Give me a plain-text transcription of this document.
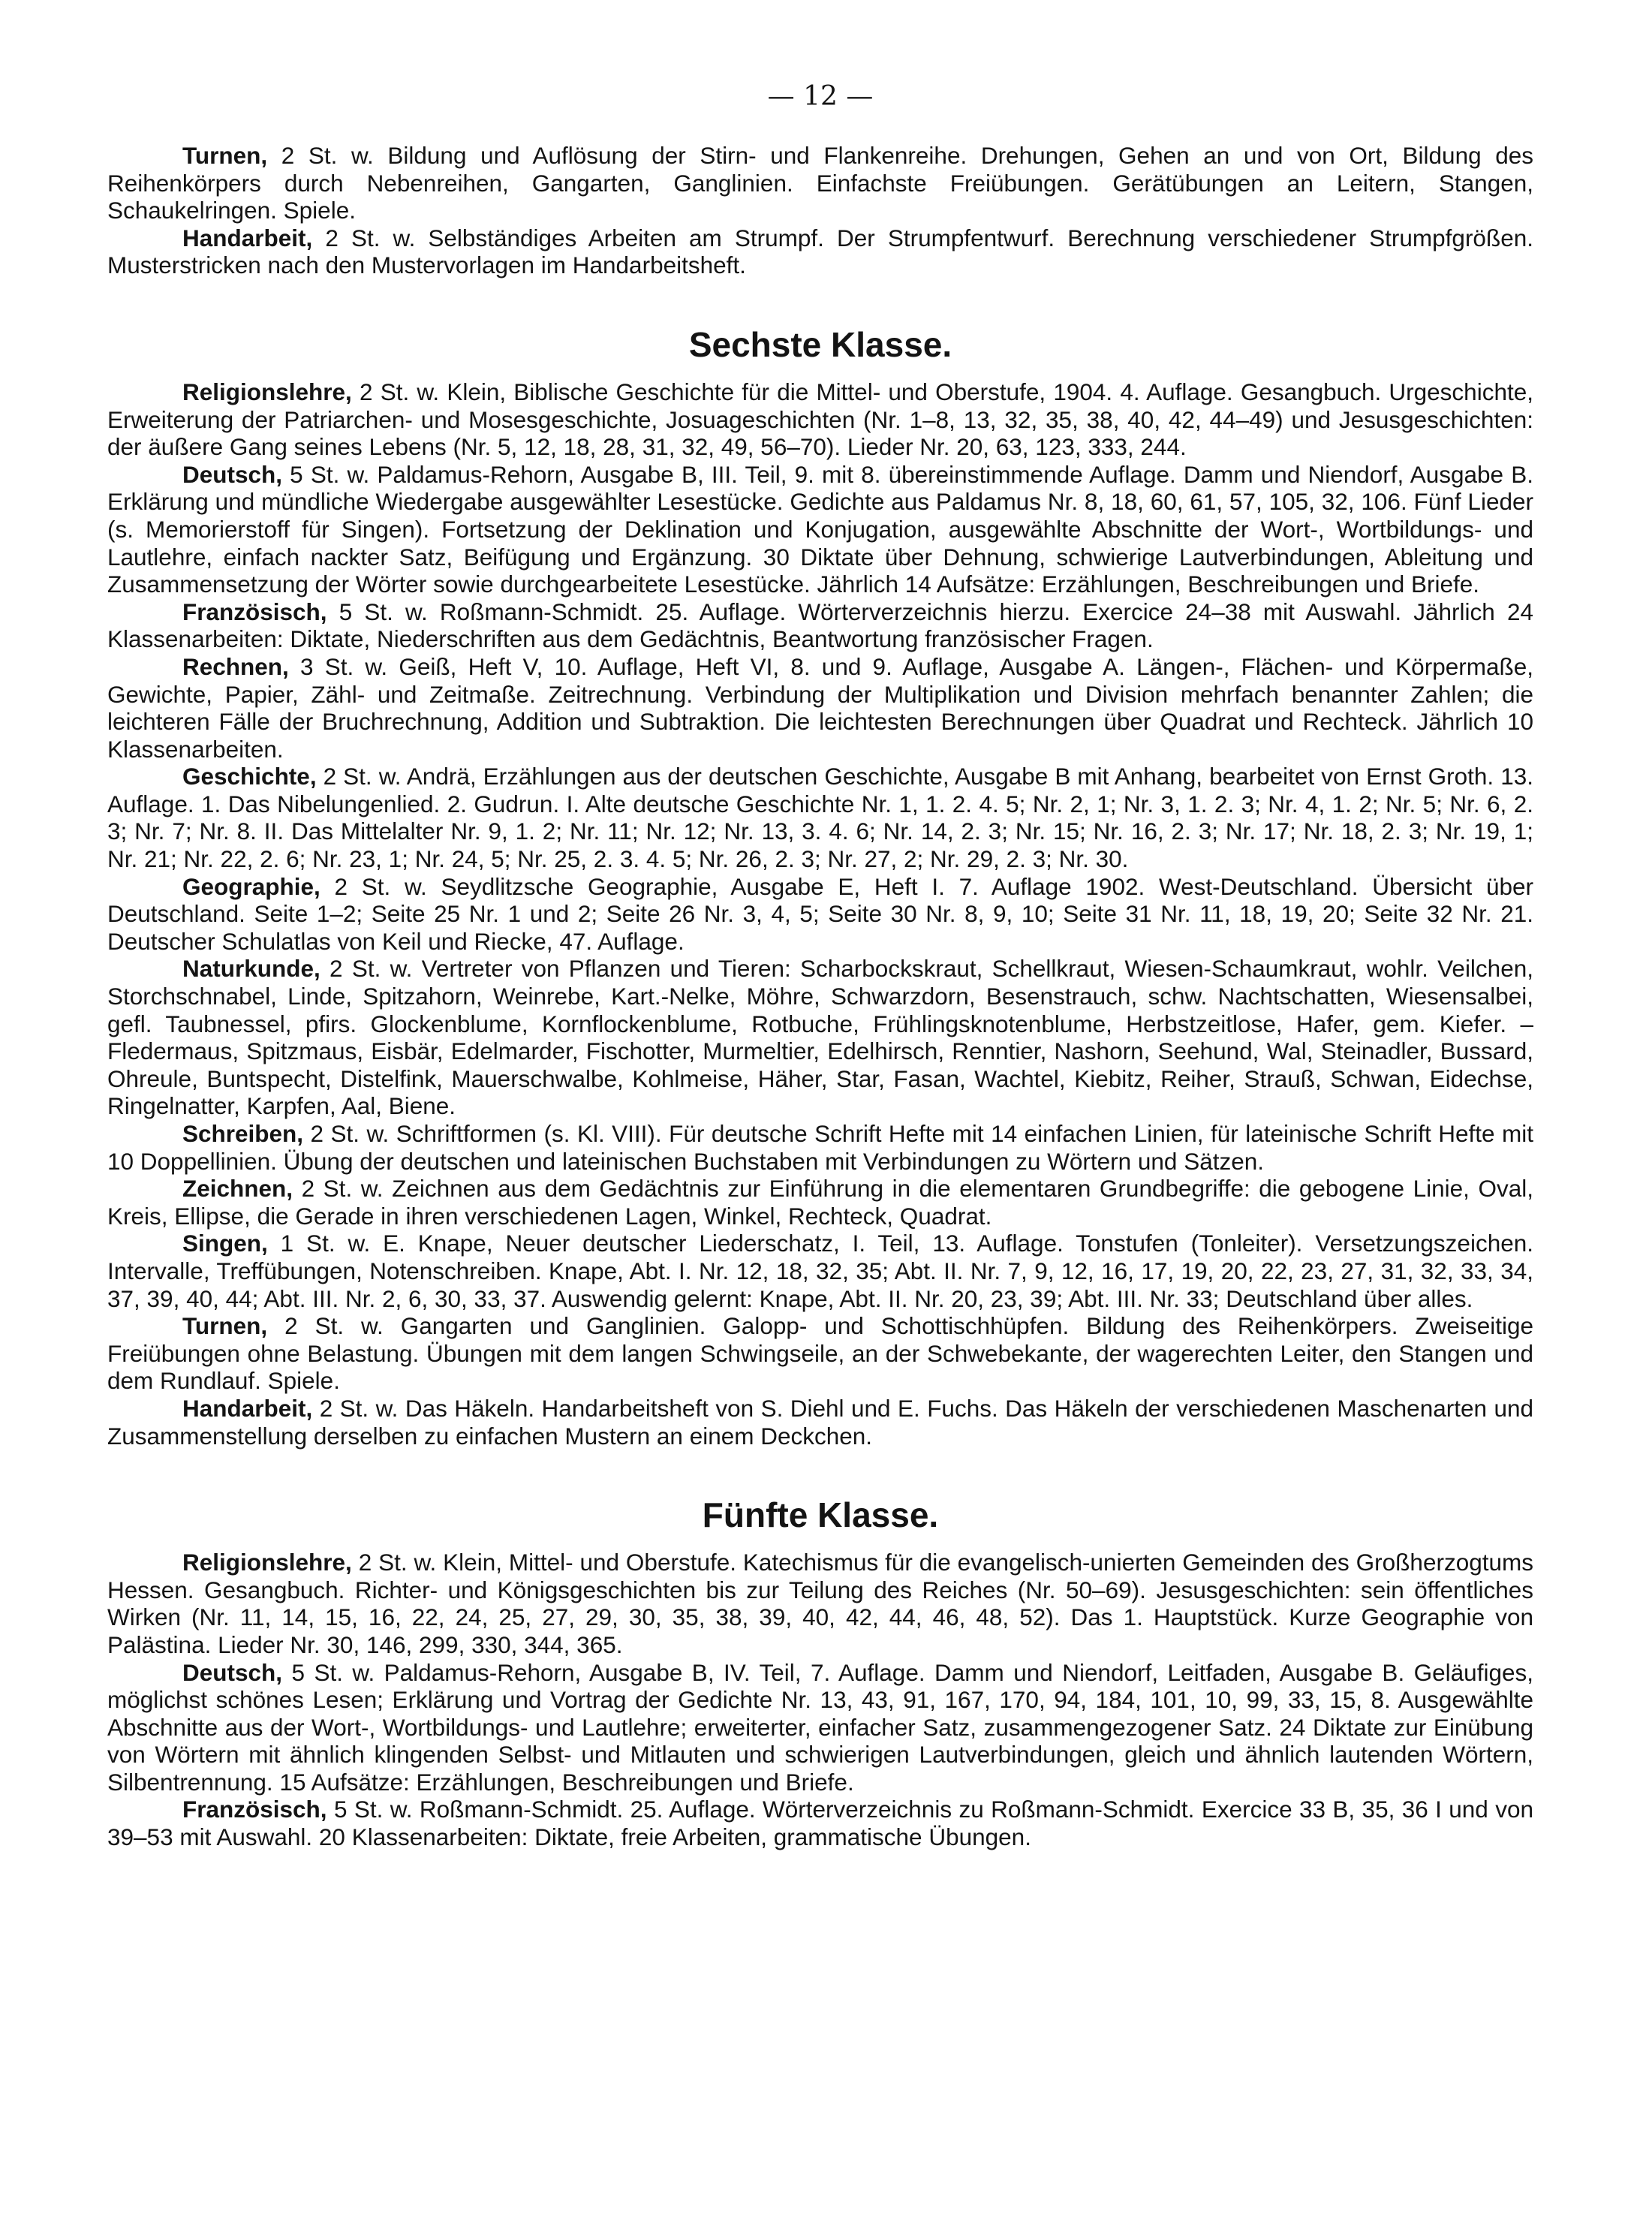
— 12 —

Turnen, 2 St. w. Bildung und Auflösung der Stirn- und Flankenreihe. Drehungen, Gehen an und von Ort, Bildung des Reihenkörpers durch Nebenreihen, Gangarten, Ganglinien. Einfachste Freiübungen. Gerätübungen an Leitern, Stangen, Schaukelringen. Spiele.

Handarbeit, 2 St. w. Selbständiges Arbeiten am Strumpf. Der Strumpfentwurf. Berechnung verschiedener Strumpfgrößen. Musterstricken nach den Mustervorlagen im Handarbeitsheft.

Sechste Klasse.

Religionslehre, 2 St. w. Klein, Biblische Geschichte für die Mittel- und Oberstufe, 1904. 4. Auflage. Gesangbuch. Urgeschichte, Erweiterung der Patriarchen- und Mosesgeschichte, Josuageschichten (Nr. 1–8, 13, 32, 35, 38, 40, 42, 44–49) und Jesusgeschichten: der äußere Gang seines Lebens (Nr. 5, 12, 18, 28, 31, 32, 49, 56–70). Lieder Nr. 20, 63, 123, 333, 244.

Deutsch, 5 St. w. Paldamus-Rehorn, Ausgabe B, III. Teil, 9. mit 8. übereinstimmende Auflage. Damm und Niendorf, Ausgabe B. Erklärung und mündliche Wiedergabe ausgewählter Lesestücke. Gedichte aus Paldamus Nr. 8, 18, 60, 61, 57, 105, 32, 106. Fünf Lieder (s. Memorierstoff für Singen). Fortsetzung der Deklination und Konjugation, ausgewählte Abschnitte der Wort-, Wortbildungs- und Lautlehre, einfach nackter Satz, Beifügung und Ergänzung. 30 Diktate über Dehnung, schwierige Lautverbindungen, Ableitung und Zusammensetzung der Wörter sowie durchgearbeitete Lesestücke. Jährlich 14 Aufsätze: Erzählungen, Beschreibungen und Briefe.

Französisch, 5 St. w. Roßmann-Schmidt. 25. Auflage. Wörterverzeichnis hierzu. Exercice 24–38 mit Auswahl. Jährlich 24 Klassenarbeiten: Diktate, Niederschriften aus dem Gedächtnis, Beantwortung französischer Fragen.

Rechnen, 3 St. w. Geiß, Heft V, 10. Auflage, Heft VI, 8. und 9. Auflage, Ausgabe A. Längen-, Flächen- und Körpermaße, Gewichte, Papier, Zähl- und Zeitmaße. Zeitrechnung. Verbindung der Multiplikation und Division mehrfach benannter Zahlen; die leichteren Fälle der Bruchrechnung, Addition und Subtraktion. Die leichtesten Berechnungen über Quadrat und Rechteck. Jährlich 10 Klassenarbeiten.

Geschichte, 2 St. w. Andrä, Erzählungen aus der deutschen Geschichte, Ausgabe B mit Anhang, bearbeitet von Ernst Groth. 13. Auflage. 1. Das Nibelungenlied. 2. Gudrun. I. Alte deutsche Geschichte Nr. 1, 1. 2. 4. 5; Nr. 2, 1; Nr. 3, 1. 2. 3; Nr. 4, 1. 2; Nr. 5; Nr. 6, 2. 3; Nr. 7; Nr. 8. II. Das Mittelalter Nr. 9, 1. 2; Nr. 11; Nr. 12; Nr. 13, 3. 4. 6; Nr. 14, 2. 3; Nr. 15; Nr. 16, 2. 3; Nr. 17; Nr. 18, 2. 3; Nr. 19, 1; Nr. 21; Nr. 22, 2. 6; Nr. 23, 1; Nr. 24, 5; Nr. 25, 2. 3. 4. 5; Nr. 26, 2. 3; Nr. 27, 2; Nr. 29, 2. 3; Nr. 30.

Geographie, 2 St. w. Seydlitzsche Geographie, Ausgabe E, Heft I. 7. Auflage 1902. West-Deutschland. Übersicht über Deutschland. Seite 1–2; Seite 25 Nr. 1 und 2; Seite 26 Nr. 3, 4, 5; Seite 30 Nr. 8, 9, 10; Seite 31 Nr. 11, 18, 19, 20; Seite 32 Nr. 21. Deutscher Schulatlas von Keil und Riecke, 47. Auflage.

Naturkunde, 2 St. w. Vertreter von Pflanzen und Tieren: Scharbockskraut, Schellkraut, Wiesen-Schaumkraut, wohlr. Veilchen, Storchschnabel, Linde, Spitzahorn, Weinrebe, Kart.-Nelke, Möhre, Schwarzdorn, Besenstrauch, schw. Nachtschatten, Wiesensalbei, gefl. Taubnessel, pfirs. Glockenblume, Kornflockenblume, Rotbuche, Frühlingsknotenblume, Herbstzeitlose, Hafer, gem. Kiefer. – Fledermaus, Spitzmaus, Eisbär, Edelmarder, Fischotter, Murmeltier, Edelhirsch, Renntier, Nashorn, Seehund, Wal, Steinadler, Bussard, Ohreule, Buntspecht, Distelfink, Mauerschwalbe, Kohlmeise, Häher, Star, Fasan, Wachtel, Kiebitz, Reiher, Strauß, Schwan, Eidechse, Ringelnatter, Karpfen, Aal, Biene.

Schreiben, 2 St. w. Schriftformen (s. Kl. VIII). Für deutsche Schrift Hefte mit 14 einfachen Linien, für lateinische Schrift Hefte mit 10 Doppellinien. Übung der deutschen und lateinischen Buchstaben mit Verbindungen zu Wörtern und Sätzen.

Zeichnen, 2 St. w. Zeichnen aus dem Gedächtnis zur Einführung in die elementaren Grundbegriffe: die gebogene Linie, Oval, Kreis, Ellipse, die Gerade in ihren verschiedenen Lagen, Winkel, Rechteck, Quadrat.

Singen, 1 St. w. E. Knape, Neuer deutscher Liederschatz, I. Teil, 13. Auflage. Tonstufen (Tonleiter). Versetzungszeichen. Intervalle, Treffübungen, Notenschreiben. Knape, Abt. I. Nr. 12, 18, 32, 35; Abt. II. Nr. 7, 9, 12, 16, 17, 19, 20, 22, 23, 27, 31, 32, 33, 34, 37, 39, 40, 44; Abt. III. Nr. 2, 6, 30, 33, 37. Auswendig gelernt: Knape, Abt. II. Nr. 20, 23, 39; Abt. III. Nr. 33; Deutschland über alles.

Turnen, 2 St. w. Gangarten und Ganglinien. Galopp- und Schottischhüpfen. Bildung des Reihenkörpers. Zweiseitige Freiübungen ohne Belastung. Übungen mit dem langen Schwingseile, an der Schwebekante, der wagerechten Leiter, den Stangen und dem Rundlauf. Spiele.

Handarbeit, 2 St. w. Das Häkeln. Handarbeitsheft von S. Diehl und E. Fuchs. Das Häkeln der verschiedenen Maschenarten und Zusammenstellung derselben zu einfachen Mustern an einem Deckchen.

Fünfte Klasse.

Religionslehre, 2 St. w. Klein, Mittel- und Oberstufe. Katechismus für die evangelisch-unierten Gemeinden des Großherzogtums Hessen. Gesangbuch. Richter- und Königsgeschichten bis zur Teilung des Reiches (Nr. 50–69). Jesusgeschichten: sein öffentliches Wirken (Nr. 11, 14, 15, 16, 22, 24, 25, 27, 29, 30, 35, 38, 39, 40, 42, 44, 46, 48, 52). Das 1. Hauptstück. Kurze Geographie von Palästina. Lieder Nr. 30, 146, 299, 330, 344, 365.

Deutsch, 5 St. w. Paldamus-Rehorn, Ausgabe B, IV. Teil, 7. Auflage. Damm und Niendorf, Leitfaden, Ausgabe B. Geläufiges, möglichst schönes Lesen; Erklärung und Vortrag der Gedichte Nr. 13, 43, 91, 167, 170, 94, 184, 101, 10, 99, 33, 15, 8. Ausgewählte Abschnitte aus der Wort-, Wortbildungs- und Lautlehre; erweiterter, einfacher Satz, zusammengezogener Satz. 24 Diktate zur Einübung von Wörtern mit ähnlich klingenden Selbst- und Mitlauten und schwierigen Lautverbindungen, gleich und ähnlich lautenden Wörtern, Silbentrennung. 15 Aufsätze: Erzählungen, Beschreibungen und Briefe.

Französisch, 5 St. w. Roßmann-Schmidt. 25. Auflage. Wörterverzeichnis zu Roßmann-Schmidt. Exercice 33 B, 35, 36 I und von 39–53 mit Auswahl. 20 Klassenarbeiten: Diktate, freie Arbeiten, grammatische Übungen.
